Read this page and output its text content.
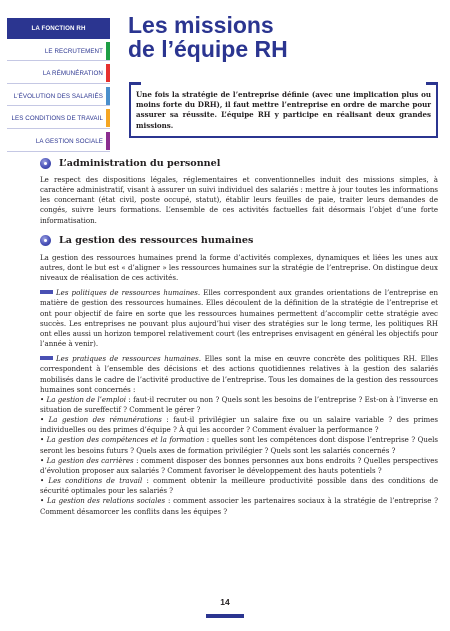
LA FONCTION RH
LE RECRUTEMENT
LA RÉMUNÉRATION
L'ÉVOLUTION DES SALARIÉS
LES CONDITIONS DE TRAVAIL
LA GESTION SOCIALE
Les missions
de l’équipe RH

Une fois la stratégie de l’entreprise définie (avec une implication plus ou moins forte du DRH), il faut mettre l’entreprise en ordre de marche pour assurer sa réussite. L’équipe RH y participe en réalisant deux grandes missions.

L’administration du personnel

Le respect des dispositions légales, réglementaires et conventionnelles induit des missions simples, à caractère administratif, visant à assurer un suivi individuel des salariés : mettre à jour toutes les informations les concernant (état civil, poste occupé, statut), établir leurs feuilles de paie, traiter leurs demandes de congés, suivre leurs formations. L’ensemble de ces activités factuelles fait désormais l’objet d’une forte informatisation.

La gestion des ressources humaines

La gestion des ressources humaines prend la forme d’activités complexes, dynamiques et liées les unes aux autres, dont le but est « d’aligner » les ressources humaines sur la stratégie de l’entreprise. On distingue deux niveaux de réalisation de ces activités.

Les politiques de ressources humaines. Elles correspondent aux grandes orientations de l’entreprise en matière de gestion des ressources humaines. Elles découlent de la définition de la stratégie de l’entreprise et ont pour objectif de faire en sorte que les ressources humaines permettent d’accomplir cette stratégie avec succès. Les entreprises ne pouvant plus aujourd’hui viser des stratégies sur le long terme, les politiques RH ont elles aussi un horizon temporel relativement court (les entreprises envisagent en général les objectifs pour l’année à venir).

Les pratiques de ressources humaines. Elles sont la mise en œuvre concrète des politiques RH. Elles correspondent à l’ensemble des décisions et des actions quotidiennes relatives à la gestion des salariés mobilisés dans le cadre de l’activité productive de l’entreprise. Tous les domaines de la gestion des ressources humaines sont concernés :

• La gestion de l’emploi : faut-il recruter ou non ? Quels sont les besoins de l’entreprise ? Est-on à l’inverse en situation de sureffectif ? Comment le gérer ?
• La gestion des rémunérations : faut-il privilégier un salaire fixe ou un salaire variable ? des primes individuelles ou des primes d’équipe ? À qui les accorder ? Comment évaluer la performance ?
• La gestion des compétences et la formation : quelles sont les compétences dont dispose l’entreprise ? Quels seront les besoins futurs ? Quels axes de formation privilégier ? Quels sont les salariés concernés ?
• La gestion des carrières : comment disposer des bonnes personnes aux bons endroits ? Quelles perspectives d’évolution proposer aux salariés ? Comment favoriser le développement des hauts potentiels ?
• Les conditions de travail : comment obtenir la meilleure productivité possible dans des conditions de sécurité optimales pour les salariés ?
• La gestion des relations sociales : comment associer les partenaires sociaux à la stratégie de l’entreprise ? Comment désamorcer les conflits dans les équipes ?

14
